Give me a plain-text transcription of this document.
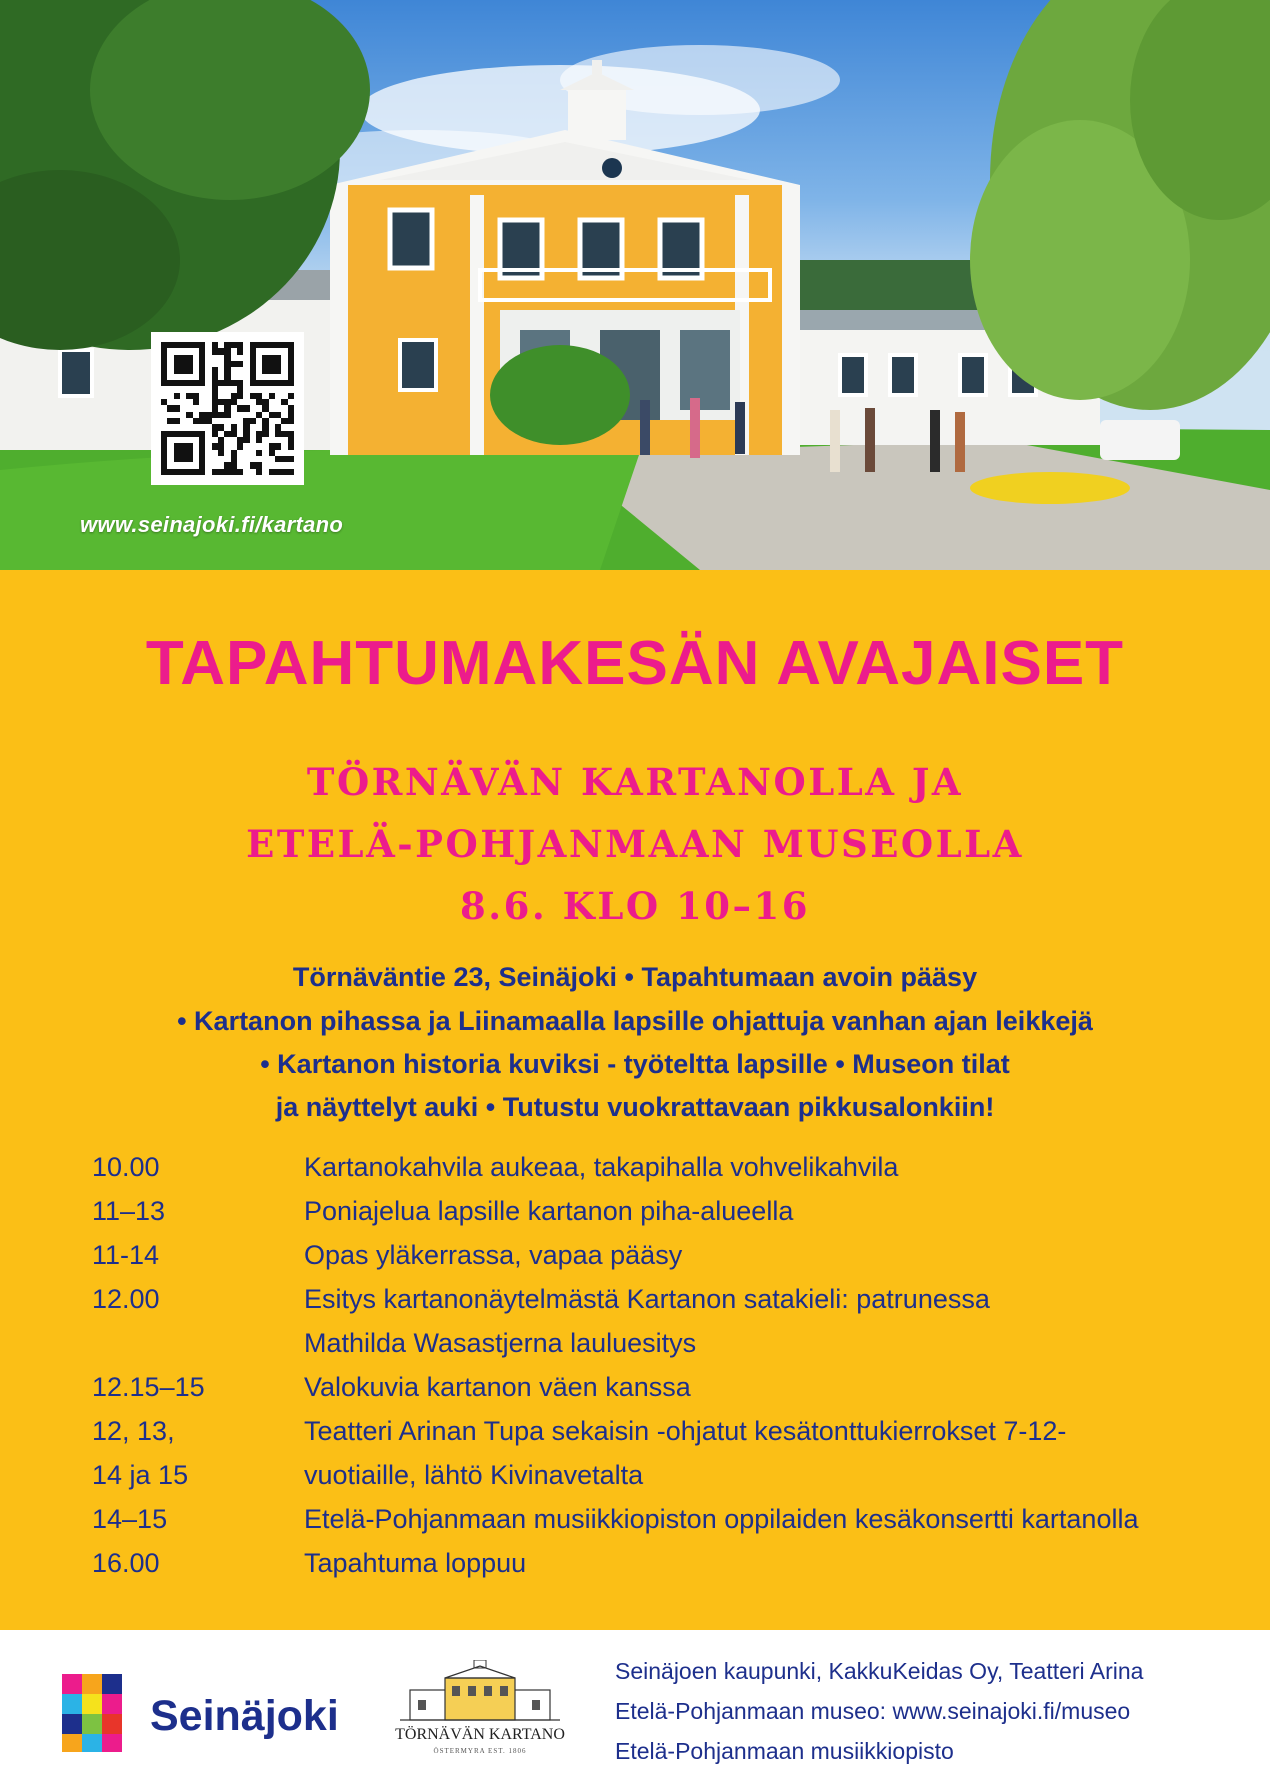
www.seinajoki.fi/kartano
TAPAHTUMAKESÄN AVAJAISET
TÖRNÄVÄN KARTANOLLA JA
ETELÄ-POHJANMAAN MUSEOLLA
8.6. KLO 10–16
Törnäväntie 23, Seinäjoki • Tapahtumaan avoin pääsy
• Kartanon pihassa ja Liinamaalla lapsille ohjattuja vanhan ajan leikkejä
• Kartanon historia kuviksi - työteltta lapsille • Museon tilat
ja näyttelyt auki • Tutustu vuokrattavaan pikkusalonkiin!
10.00	Kartanokahvila aukeaa, takapihalla vohvelikahvila
11–13	Poniajelua lapsille kartanon piha-alueella
11-14	Opas yläkerrassa, vapaa pääsy
12.00	Esitys kartanonäytelmästä Kartanon satakieli: patrunessa
Mathilda Wasastjerna lauluesitys
12.15–15	Valokuvia kartanon väen kanssa
12, 13,	Teatteri Arinan Tupa sekaisin -ohjatut kesätonttukierrokset 7-12-
14 ja 15	vuotiaille, lähtö Kivinavetalta
14–15	Etelä-Pohjanmaan musiikkiopiston oppilaiden kesäkonsertti kartanolla
16.00	Tapahtuma loppuu
Seinäjoki	TÖRNÄVÄN KARTANO
ÖSTERMYRA EST. 1806
Seinäjoen kaupunki, KakkuKeidas Oy, Teatteri Arina
Etelä-Pohjanmaan museo: www.seinajoki.fi/museo
Etelä-Pohjanmaan musiikkiopisto
